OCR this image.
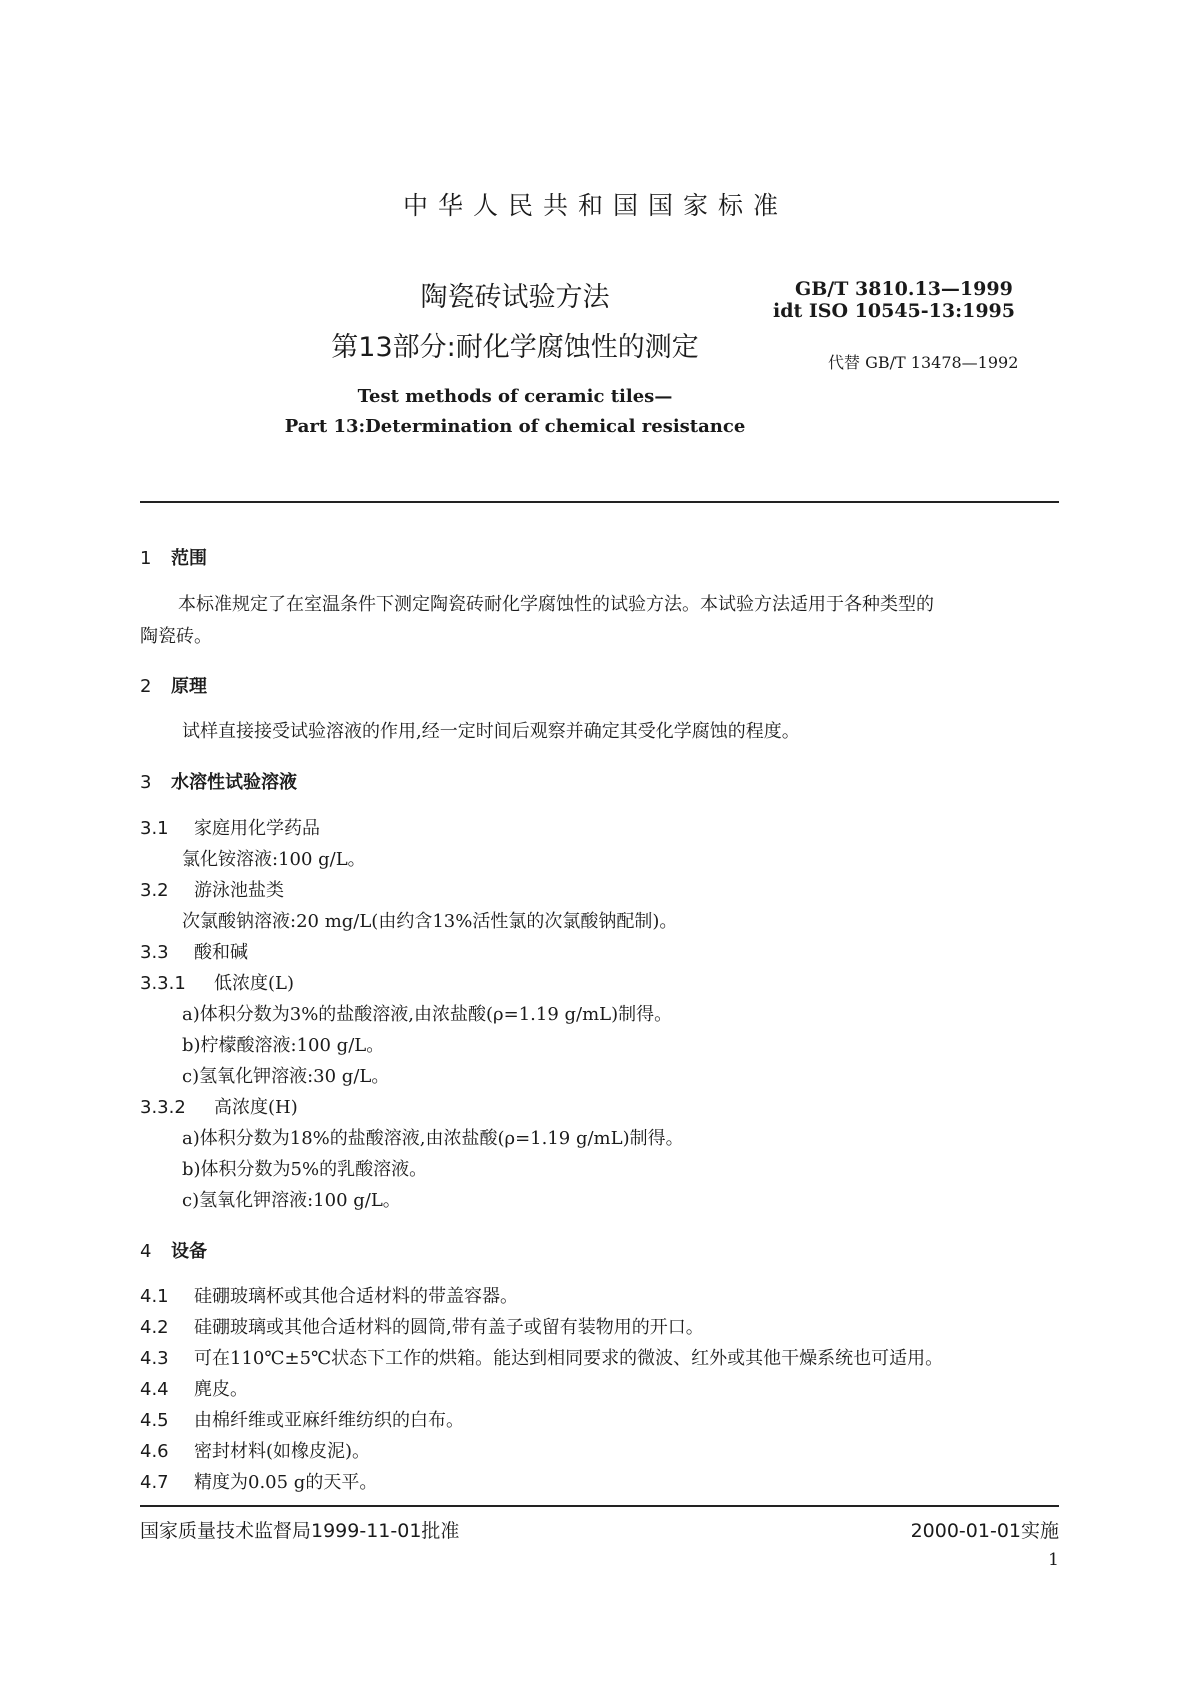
中华人民共和国国家标准
陶瓷砖试验方法
第13部分:耐化学腐蚀性的测定
Test methods of ceramic tiles—
Part 13:Determination of chemical resistance
GB/T 3810.13—1999
idt ISO 10545-13:1995
代替 GB/T 13478—1992
1 范围
本标准规定了在室温条件下测定陶瓷砖耐化学腐蚀性的试验方法。本试验方法适用于各种类型的
陶瓷砖。
2 原理
试样直接接受试验溶液的作用,经一定时间后观察并确定其受化学腐蚀的程度。
3 水溶性试验溶液
3.1 家庭用化学药品
氯化铵溶液:100 g/L。
3.2 游泳池盐类
次氯酸钠溶液:20 mg/L(由约含13%活性氯的次氯酸钠配制)。
3.3 酸和碱
3.3.1 低浓度(L)
a)体积分数为3%的盐酸溶液,由浓盐酸(ρ=1.19 g/mL)制得。
b)柠檬酸溶液:100 g/L。
c)氢氧化钾溶液:30 g/L。
3.3.2 高浓度(H)
a)体积分数为18%的盐酸溶液,由浓盐酸(ρ=1.19 g/mL)制得。
b)体积分数为5%的乳酸溶液。
c)氢氧化钾溶液:100 g/L。
4 设备
4.1 硅硼玻璃杯或其他合适材料的带盖容器。
4.2 硅硼玻璃或其他合适材料的圆筒,带有盖子或留有装物用的开口。
4.3 可在110℃±5℃状态下工作的烘箱。能达到相同要求的微波、红外或其他干燥系统也可适用。
4.4 麂皮。
4.5 由棉纤维或亚麻纤维纺织的白布。
4.6 密封材料(如橡皮泥)。
4.7 精度为0.05 g的天平。
国家质量技术监督局1999-11-01批准	2000-01-01实施
1
